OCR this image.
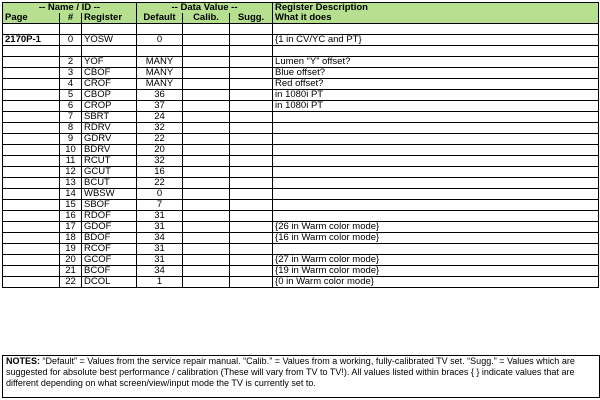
-- Name / ID --			-- Data Value --			Register Description
Page	#	Register	Default	Calib.	Sugg.	What it does

2170P-1	0	YOSW	0			{1 in CV/YC and PT}

	2	YOF	MANY			Lumen “Y” offset?
	3	CBOF	MANY			Blue offset?
	4	CROF	MANY			Red offset?
	5	CBOP	36			in 1080i PT
	6	CROP	37			in 1080i PT
	7	SBRT	24			
	8	RDRV	32			
	9	GDRV	22			
	10	BDRV	20			
	11	RCUT	32			
	12	GCUT	16			
	13	BCUT	22			
	14	WBSW	0			
	15	SBOF	7			
	16	RDOF	31			
	17	GDOF	31			{26 in Warm color mode}
	18	BDOF	34			{16 in Warm color mode}
	19	RCOF	31			
	20	GCOF	31			{27 in Warm color mode}
	21	BCOF	34			{19 in Warm color mode}
	22	DCOL	1			{0 in Warm color mode}
NOTES: “Default” = Values from the service repair manual. “Calib.” = Values from a working, fully-calibrated TV set. “Sugg.” = Values which are suggested for absolute best performance / calibration (These will vary from TV to TV!). All values listed within braces { } indicate values that are different depending on what screen/view/input mode the TV is currently set to.
